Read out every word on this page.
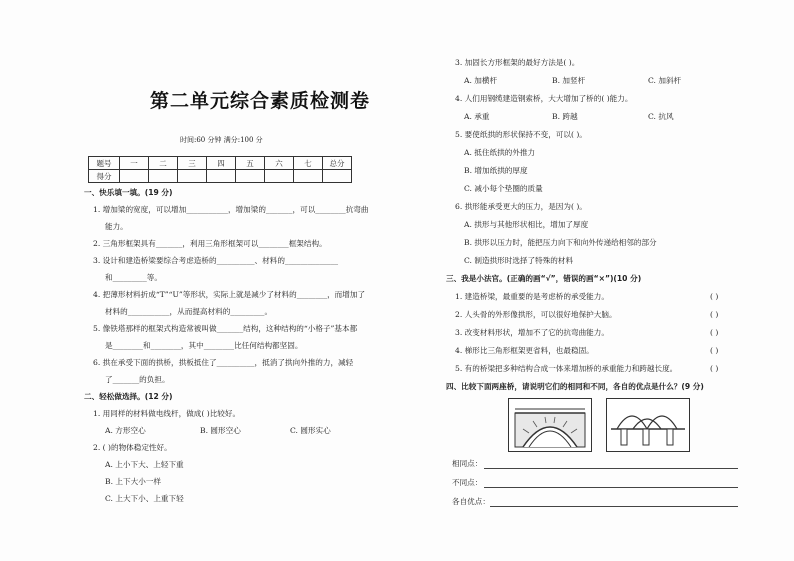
第二单元综合素质检测卷
时间:60 分钟 满分:100 分
题号	一	二	三	四	五	六	七	总分
得分								
一、快乐填一填。(19 分)
1. 增加梁的宽度，可以增加___________，增加梁的_______，可以________抗弯曲
能力。
2. 三角形框架具有_______，利用三角形框架可以________框架结构。
3. 设计和建造桥梁要综合考虑造桥的__________、材料的______________
和_________等。
4. 把薄形材料折成“T”“U”等形状，实际上就是减少了材料的________，而增加了
材料的___________，从而提高材料的_________。
5. 像铁塔那样的框架式构造常被叫做_______结构，这种结构的“小格子”基本都
是________和________，其中________比任何结构都坚固。
6. 拱在承受下面的拱桥，拱板抵住了__________，抵消了拱向外推的力，减轻
了_______的负担。
二、轻松做选择。(12 分)
1. 用同样的材料做电线杆，做成( )比较好。
A. 方形空心	B. 圆形空心	C. 圆形实心
2. ( )的物体稳定性好。
A. 上小下大、上轻下重
B. 上下大小一样
C. 上大下小、上重下轻
3. 加固长方形框架的最好方法是( )。
A. 加横杆	B. 加竖杆	C. 加斜杆
4. 人们用钢缆建造钢索桥，大大增加了桥的( )能力。
A. 承重	B. 跨越	C. 抗风
5. 要使纸拱的形状保持不变，可以( )。
A. 抵住纸拱的外推力
B. 增加纸拱的厚度
C. 减小每个垫圈的质量
6. 拱形能承受更大的压力，是因为( )。
A. 拱形与其他形状相比，增加了厚度
B. 拱形以压力时，能把压力向下和向外传递给相邻的部分
C. 制造拱形时选择了特殊的材料
三、我是小法官。(正确的画“√”，错误的画“×”)(10 分)
1. 建造桥梁，最重要的是考虑桥的承受能力。	( )
2. 人头骨的外形像拱形，可以很好地保护大脑。	( )
3. 改变材料形状，增加不了它的抗弯曲能力。	( )
4. 梯形比三角形框架更省料，也最稳固。	( )
5. 有的桥梁把多种结构合成一体来增加桥的承重能力和跨越长度。	( )
四、比较下面两座桥，请说明它们的相同和不同，各自的优点是什么？(9 分)
相同点：
不同点：
各自优点：
